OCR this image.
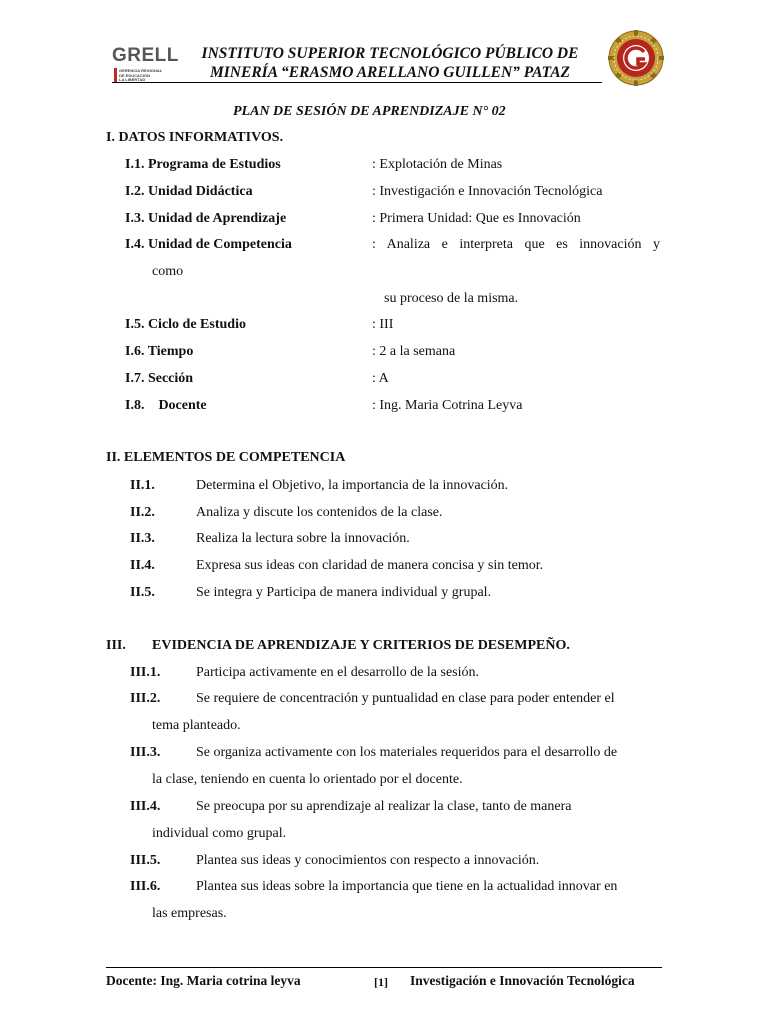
GRELL
GERENCIA REGIONAL
DE EDUCACIÓN
LA LIBERTAD
INSTITUTO SUPERIOR TECNOLÓGICO PÚBLICO DE
MINERÍA “ERASMO ARELLANO GUILLEN” PATAZ
PLAN DE SESIÓN DE APRENDIZAJE N° 02
I. DATOS INFORMATIVOS.
I.1. Programa de Estudios	: Explotación de Minas
I.2. Unidad Didáctica	: Investigación e Innovación Tecnológica
I.3. Unidad de Aprendizaje	: Primera Unidad: Que es Innovación
I.4. Unidad de Competencia	: Analiza e interpreta que es innovación y
como
su proceso de la misma.
I.5. Ciclo de Estudio	: III
I.6. Tiempo	: 2 a la semana
I.7. Sección	: A
I.8.    Docente	: Ing. Maria Cotrina Leyva
II. ELEMENTOS DE COMPETENCIA
II.1.	Determina el Objetivo, la importancia de la innovación.
II.2.	Analiza y discute los contenidos de la clase.
II.3.	Realiza la lectura sobre la innovación.
II.4.	Expresa sus ideas con claridad de manera concisa y sin temor.
II.5.	Se integra y Participa de manera individual y grupal.
III. EVIDENCIA DE APRENDIZAJE Y CRITERIOS DE DESEMPEÑO.
III.1.	Participa activamente en el desarrollo de la sesión.
III.2.	Se requiere de concentración y puntualidad en clase para poder entender el
tema planteado.
III.3.	Se organiza activamente con los materiales requeridos para el desarrollo de
la clase, teniendo en cuenta lo orientado por el docente.
III.4.	Se preocupa por su aprendizaje al realizar la clase, tanto de manera
individual como grupal.
III.5.	Plantea sus ideas y conocimientos con respecto a innovación.
III.6.	Plantea sus ideas sobre la importancia que tiene en la actualidad innovar en
las empresas.
Docente: Ing. Maria cotrina leyva	[1] Investigación e Innovación Tecnológica
